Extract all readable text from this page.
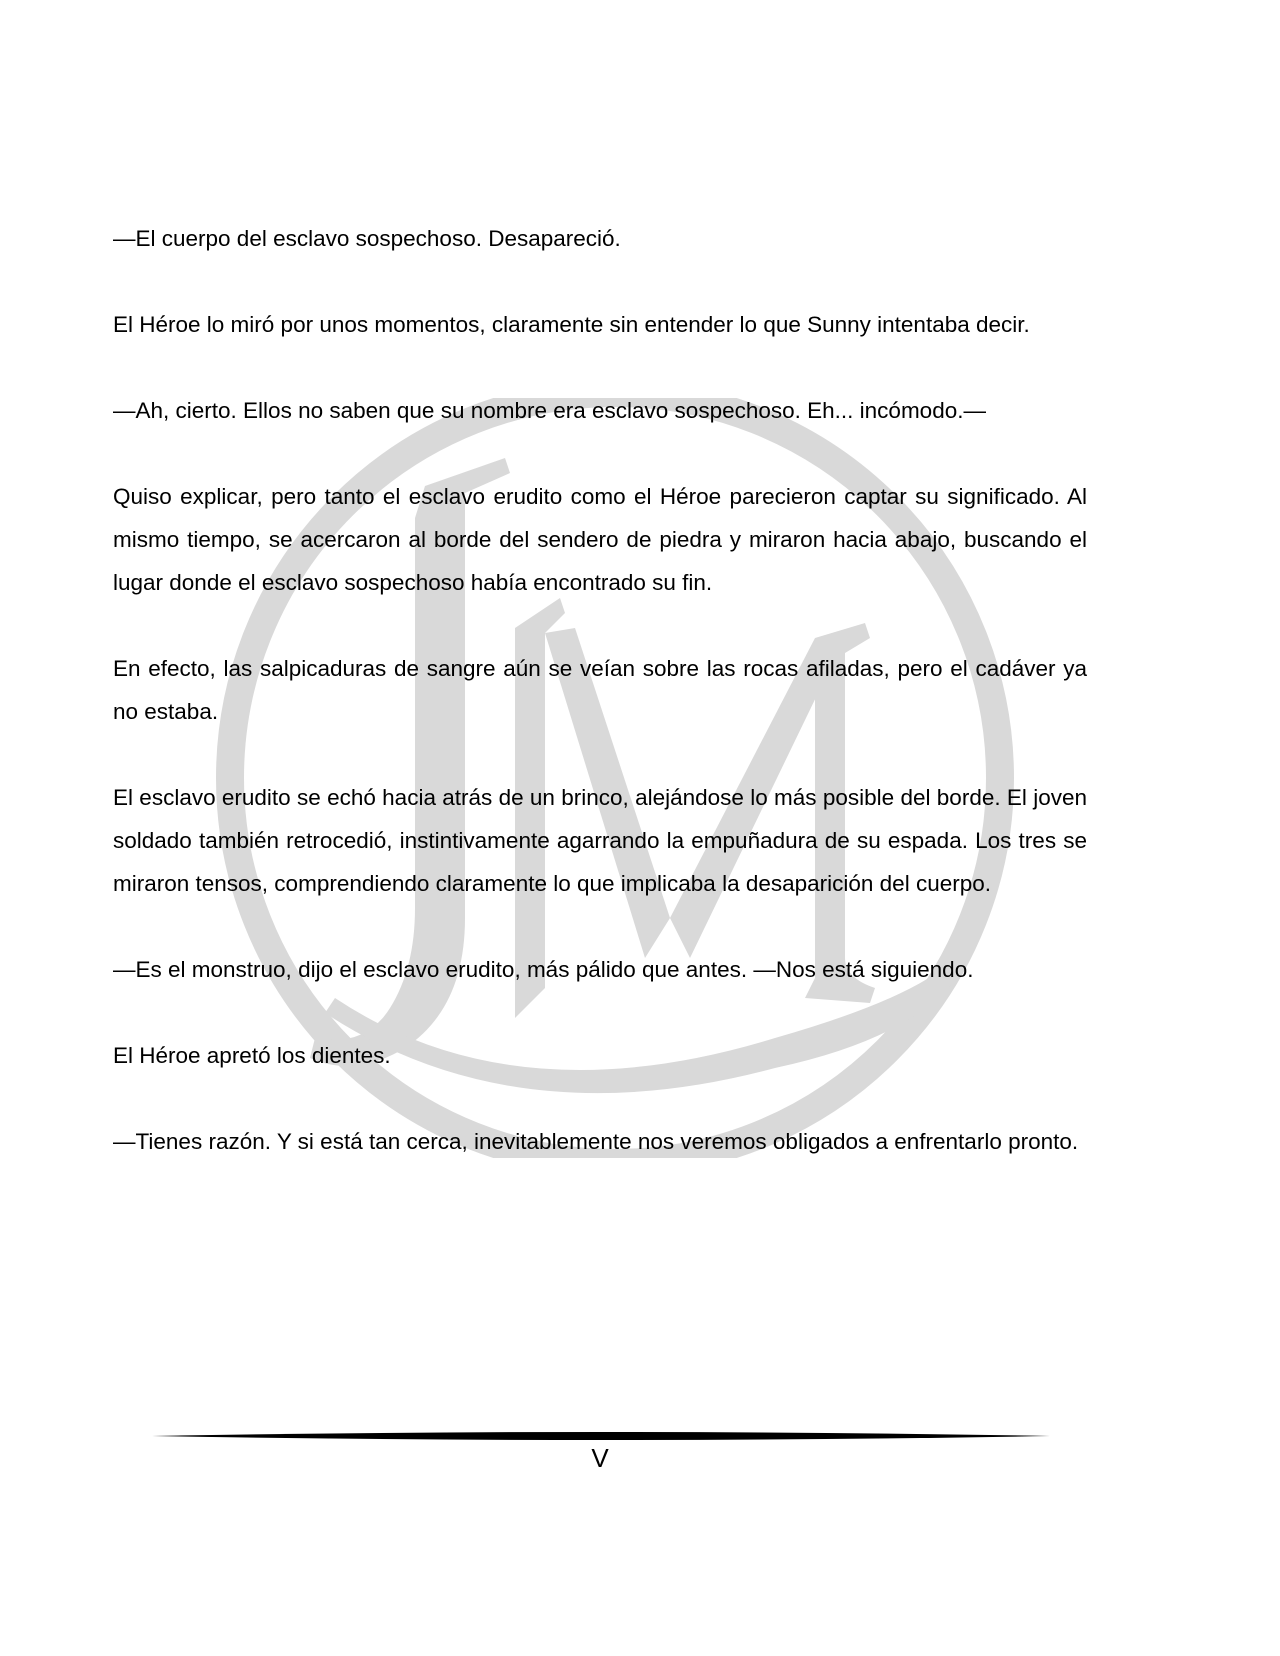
—El cuerpo del esclavo sospechoso. Desapareció.

El Héroe lo miró por unos momentos, claramente sin entender lo que Sunny intentaba decir.

—Ah, cierto. Ellos no saben que su nombre era esclavo sospechoso. Eh... incómodo.—

Quiso explicar, pero tanto el esclavo erudito como el Héroe parecieron captar su significado. Al mismo tiempo, se acercaron al borde del sendero de piedra y miraron hacia abajo, buscando el lugar donde el esclavo sospechoso había encontrado su fin.

En efecto, las salpicaduras de sangre aún se veían sobre las rocas afiladas, pero el cadáver ya no estaba.

El esclavo erudito se echó hacia atrás de un brinco, alejándose lo más posible del borde. El joven soldado también retrocedió, instintivamente agarrando la empuñadura de su espada. Los tres se miraron tensos, comprendiendo claramente lo que implicaba la desaparición del cuerpo.

—Es el monstruo, dijo el esclavo erudito, más pálido que antes. —Nos está siguiendo.

El Héroe apretó los dientes.

—Tienes razón. Y si está tan cerca, inevitablemente nos veremos obligados a enfrentarlo pronto.

V
